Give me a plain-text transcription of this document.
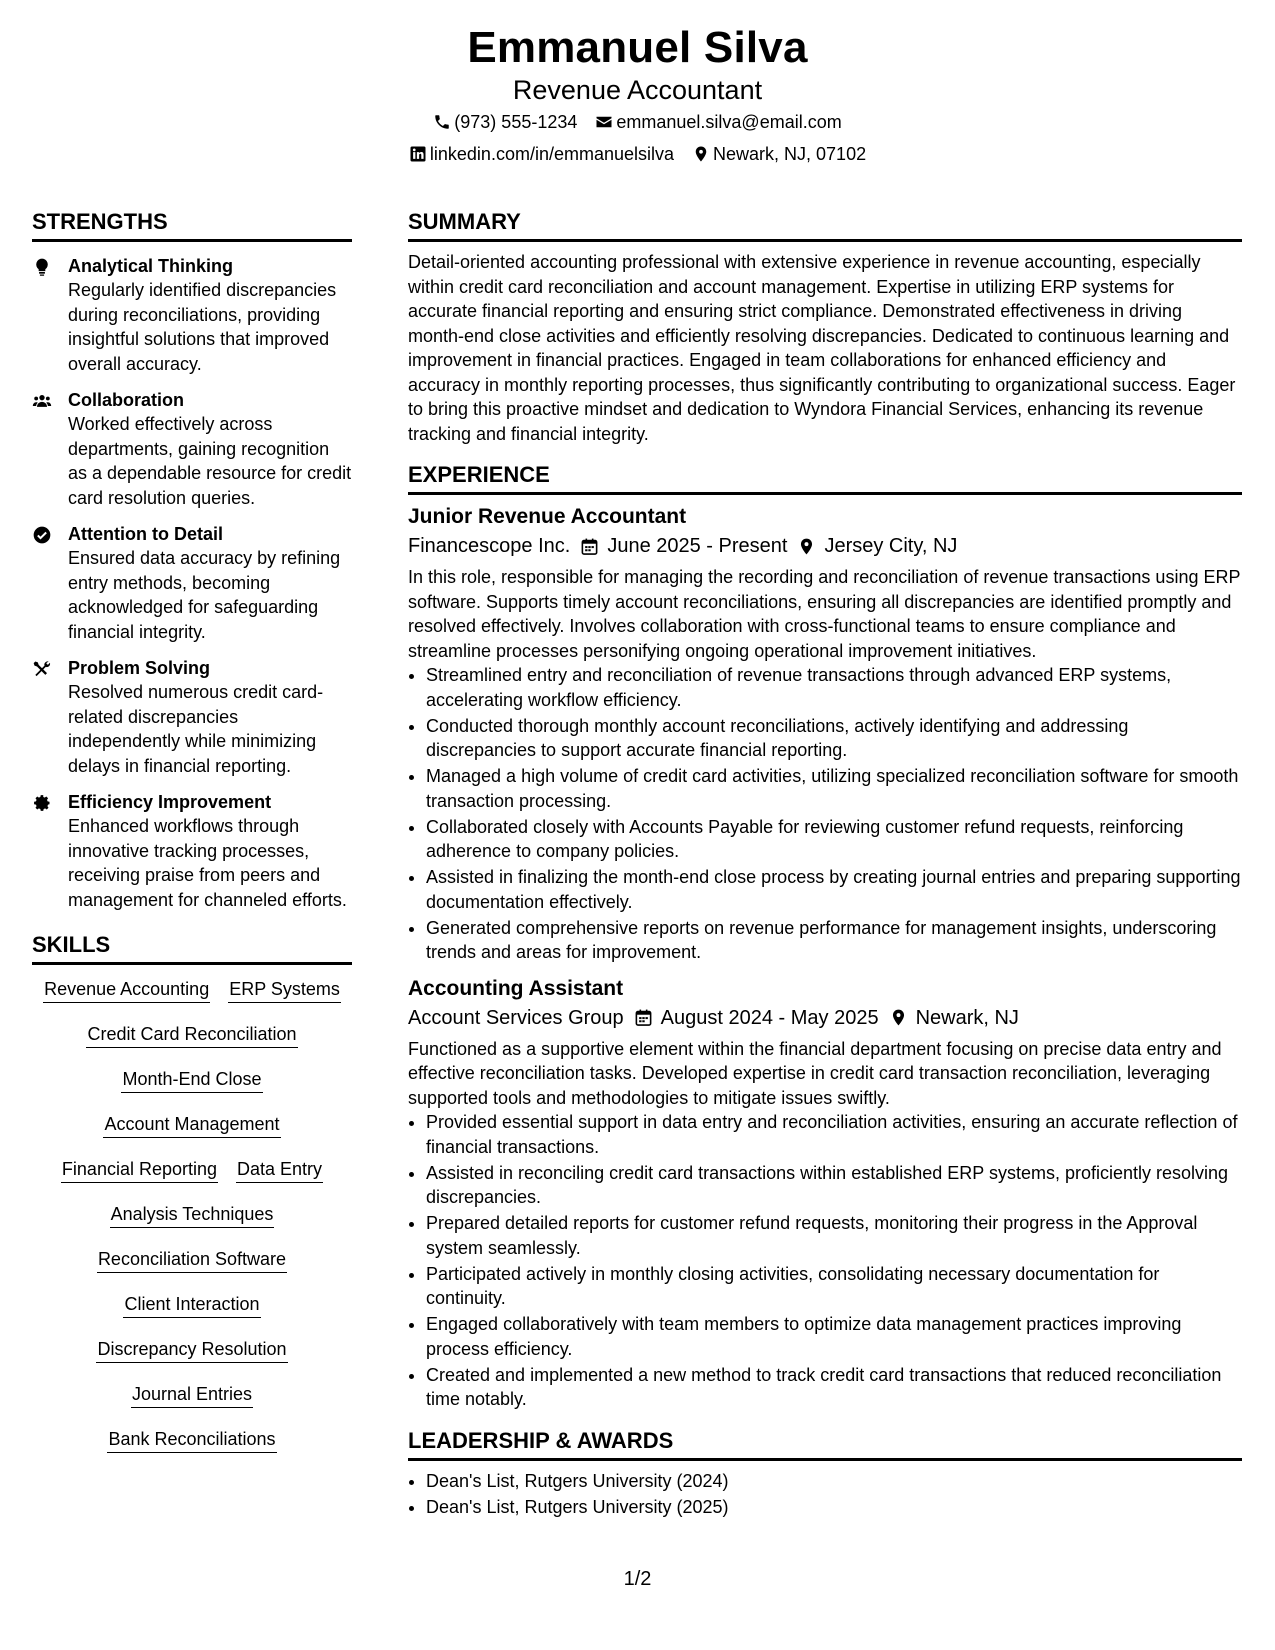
Emmanuel Silva
Revenue Accountant
(973) 555-1234 emmanuel.silva@email.com
linkedin.com/in/emmanuelsilva Newark, NJ, 07102
STRENGTHS
Analytical Thinking
Regularly identified discrepancies during reconciliations, providing insightful solutions that improved overall accuracy.
Collaboration
Worked effectively across departments, gaining recognition as a dependable resource for credit card resolution queries.
Attention to Detail
Ensured data accuracy by refining entry methods, becoming acknowledged for safeguarding financial integrity.
Problem Solving
Resolved numerous credit card-related discrepancies independently while minimizing delays in financial reporting.
Efficiency Improvement
Enhanced workflows through innovative tracking processes, receiving praise from peers and management for channeled efforts.
SKILLS
Revenue Accounting ERP Systems
Credit Card Reconciliation
Month-End Close
Account Management
Financial Reporting Data Entry
Analysis Techniques
Reconciliation Software
Client Interaction
Discrepancy Resolution
Journal Entries
Bank Reconciliations
SUMMARY

Detail-oriented accounting professional with extensive experience in revenue accounting, especially within credit card reconciliation and account management. Expertise in utilizing ERP systems for accurate financial reporting and ensuring strict compliance. Demonstrated effectiveness in driving month-end close activities and efficiently resolving discrepancies. Dedicated to continuous learning and improvement in financial practices. Engaged in team collaborations for enhanced efficiency and accuracy in monthly reporting processes, thus significantly contributing to organizational success. Eager to bring this proactive mindset and dedication to Wyndora Financial Services, enhancing its revenue tracking and financial integrity.

EXPERIENCE
Junior Revenue Accountant
Financescope Inc. June 2025 - Present Jersey City, NJ

In this role, responsible for managing the recording and reconciliation of revenue transactions using ERP software. Supports timely account reconciliations, ensuring all discrepancies are identified promptly and resolved effectively. Involves collaboration with cross-functional teams to ensure compliance and streamline processes personifying ongoing operational improvement initiatives.

• Streamlined entry and reconciliation of revenue transactions through advanced ERP systems, accelerating workflow efficiency.
• Conducted thorough monthly account reconciliations, actively identifying and addressing discrepancies to support accurate financial reporting.
• Managed a high volume of credit card activities, utilizing specialized reconciliation software for smooth transaction processing.
• Collaborated closely with Accounts Payable for reviewing customer refund requests, reinforcing adherence to company policies.
• Assisted in finalizing the month-end close process by creating journal entries and preparing supporting documentation effectively.
• Generated comprehensive reports on revenue performance for management insights, underscoring trends and areas for improvement.
Accounting Assistant
Account Services Group August 2024 - May 2025 Newark, NJ

Functioned as a supportive element within the financial department focusing on precise data entry and effective reconciliation tasks. Developed expertise in credit card transaction reconciliation, leveraging supported tools and methodologies to mitigate issues swiftly.

• Provided essential support in data entry and reconciliation activities, ensuring an accurate reflection of financial transactions.
• Assisted in reconciling credit card transactions within established ERP systems, proficiently resolving discrepancies.
• Prepared detailed reports for customer refund requests, monitoring their progress in the Approval system seamlessly.
• Participated actively in monthly closing activities, consolidating necessary documentation for continuity.
• Engaged collaboratively with team members to optimize data management practices improving process efficiency.
• Created and implemented a new method to track credit card transactions that reduced reconciliation time notably.
LEADERSHIP & AWARDS
• Dean's List, Rutgers University (2024)
• Dean's List, Rutgers University (2025)
1/2
